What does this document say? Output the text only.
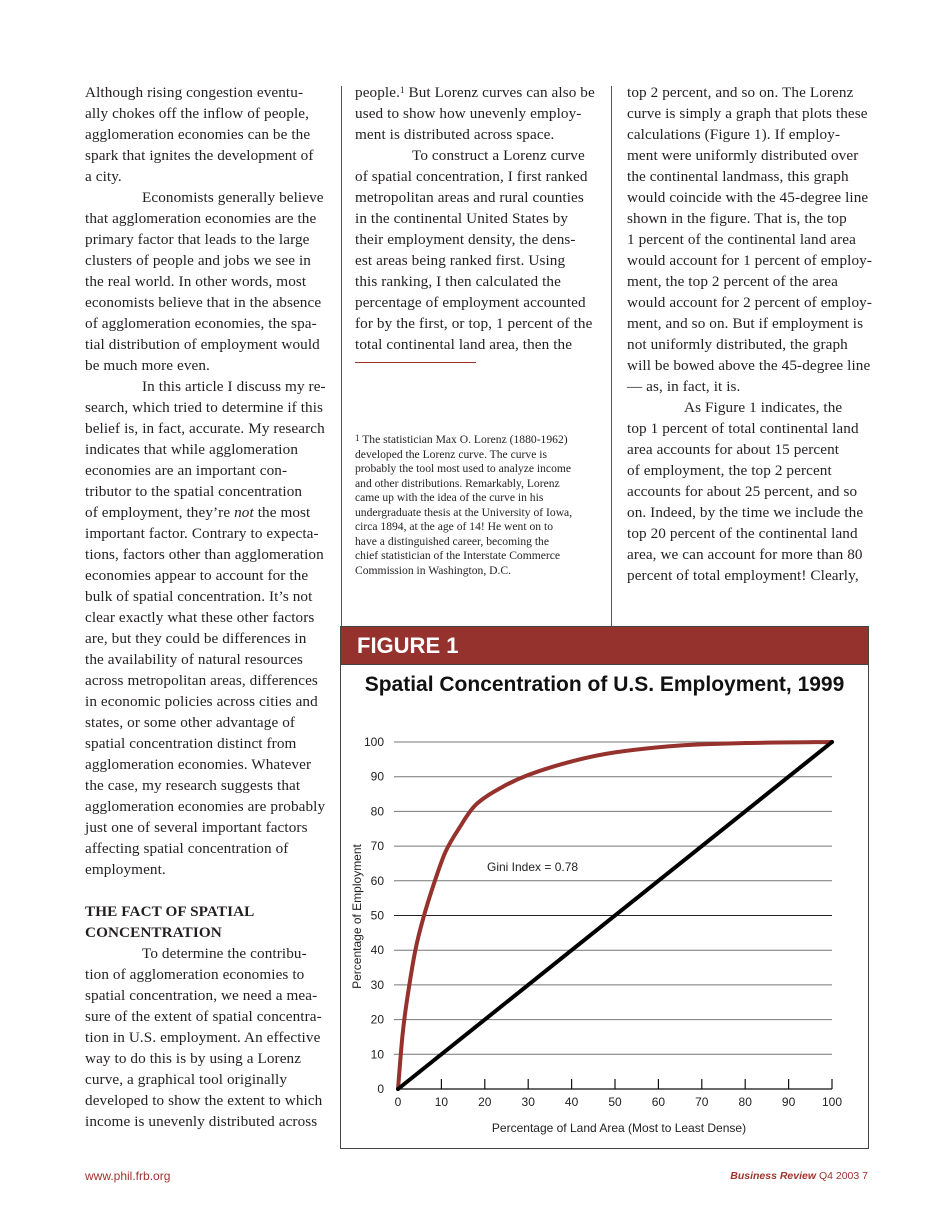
Although rising congestion eventu-
ally chokes off the inflow of people,
agglomeration economies can be the
spark that ignites the development of
a city.
Economists generally believe
that agglomeration economies are the
primary factor that leads to the large
clusters of people and jobs we see in
the real world. In other words, most
economists believe that in the absence
of agglomeration economies, the spa-
tial distribution of employment would
be much more even.
In this article I discuss my re-
search, which tried to determine if this
belief is, in fact, accurate. My research
indicates that while agglomeration
economies are an important con-
tributor to the spatial concentration
of employment, they’re not the most
important factor. Contrary to expecta-
tions, factors other than agglomeration
economies appear to account for the
bulk of spatial concentration. It’s not
clear exactly what these other factors
are, but they could be differences in
the availability of natural resources
across metropolitan areas, differences
in economic policies across cities and
states, or some other advantage of
spatial concentration distinct from
agglomeration economies. Whatever
the case, my research suggests that
agglomeration economies are probably
just one of several important factors
affecting spatial concentration of
employment.
THE FACT OF SPATIAL
CONCENTRATION
To determine the contribu-
tion of agglomeration economies to
spatial concentration, we need a mea-
sure of the extent of spatial concentra-
tion in U.S. employment. An effective
way to do this is by using a Lorenz
curve, a graphical tool originally
developed to show the extent to which
income is unevenly distributed across
people.$^1$ But Lorenz curves can also be
used to show how unevenly employ-
ment is distributed across space.
To construct a Lorenz curve
of spatial concentration, I first ranked
metropolitan areas and rural counties
in the continental United States by
their employment density, the dens-
est areas being ranked first. Using
this ranking, I then calculated the
percentage of employment accounted
for by the first, or top, 1 percent of the
total continental land area, then the
top 2 percent, and so on. The Lorenz
curve is simply a graph that plots these
calculations (Figure 1). If employ-
ment were uniformly distributed over
the continental landmass, this graph
would coincide with the 45-degree line
shown in the figure. That is, the top
1 percent of the continental land area
would account for 1 percent of employ-
ment, the top 2 percent of the area
would account for 2 percent of employ-
ment, and so on. But if employment is
not uniformly distributed, the graph
will be bowed above the 45-degree line
— as, in fact, it is.
As Figure 1 indicates, the
top 1 percent of total continental land
area accounts for about 15 percent
of employment, the top 2 percent
accounts for about 25 percent, and so
on. Indeed, by the time we include the
top 20 percent of the continental land
area, we can account for more than 80
percent of total employment! Clearly,
$^1$ The statistician Max O. Lorenz (1880-1962)
developed the Lorenz curve. The curve is
probably the tool most used to analyze income
and other distributions. Remarkably, Lorenz
came up with the idea of the curve in his
undergraduate thesis at the University of Iowa,
circa 1894, at the age of 14! He went on to
have a distinguished career, becoming the
chief statistician of the Interstate Commerce
Commission in Washington, D.C.
FIGURE 1
Spatial Concentration of U.S. Employment, 1999
0
10
20
30
40
50
60
70
80
90
100
0	10	20	30	40	50	60	70	80	90 100
Percentage of Land Area (Most to Least Dense)
Percentage of Employment	Gini Index = 0.78
www.phil.frb.org	Business Review Q4 2003 7
